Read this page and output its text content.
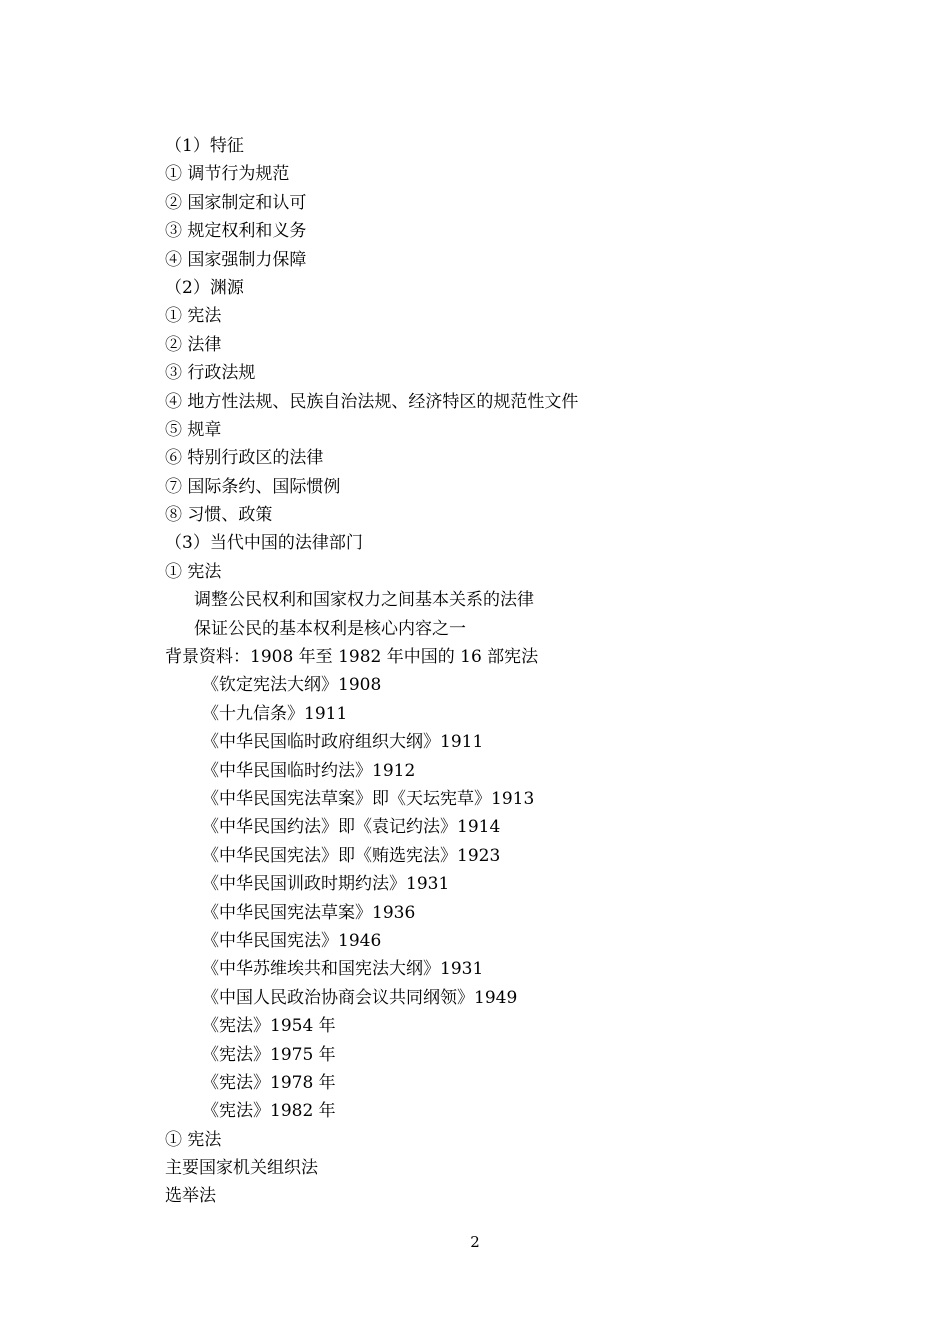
（1）特征
① 调节行为规范
② 国家制定和认可
③ 规定权利和义务
④ 国家强制力保障
（2）渊源
① 宪法
② 法律
③ 行政法规
④ 地方性法规、民族自治法规、经济特区的规范性文件
⑤ 规章
⑥ 特别行政区的法律
⑦ 国际条约、国际惯例
⑧ 习惯、政策
（3）当代中国的法律部门
① 宪法
调整公民权利和国家权力之间基本关系的法律
保证公民的基本权利是核心内容之一
背景资料：1908 年至 1982 年中国的 16 部宪法
《钦定宪法大纲》1908
《十九信条》1911
《中华民国临时政府组织大纲》1911
《中华民国临时约法》1912
《中华民国宪法草案》即《天坛宪草》1913
《中华民国约法》即《袁记约法》1914
《中华民国宪法》即《贿选宪法》1923
《中华民国训政时期约法》1931
《中华民国宪法草案》1936
《中华民国宪法》1946
《中华苏维埃共和国宪法大纲》1931
《中国人民政治协商会议共同纲领》1949
《宪法》1954 年
《宪法》1975 年
《宪法》1978 年
《宪法》1982 年
① 宪法
主要国家机关组织法
选举法
2
